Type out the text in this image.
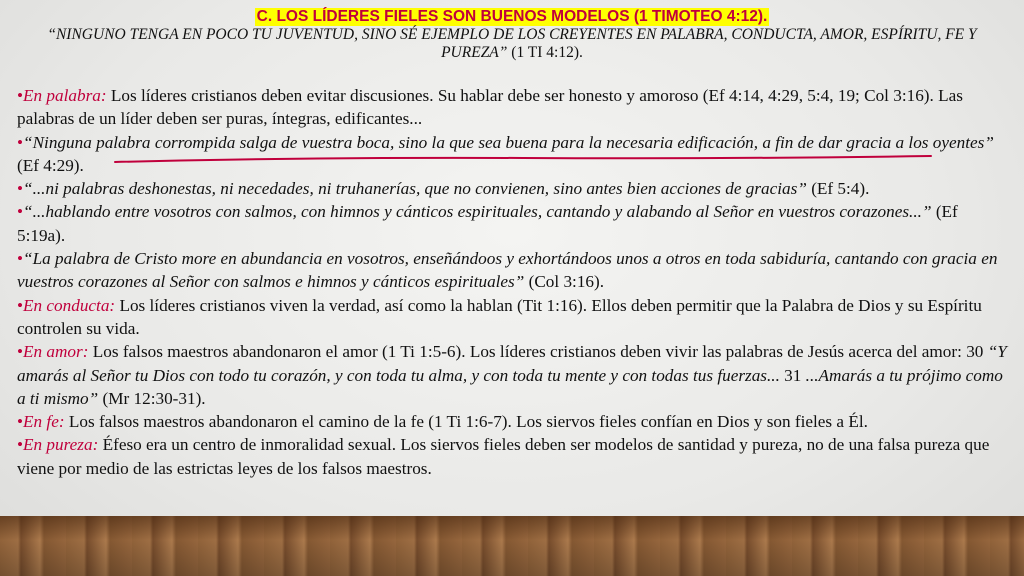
C. LOS LÍDERES FIELES SON BUENOS MODELOS (1 TIMOTEO 4:12).

“NINGUNO TENGA EN POCO TU JUVENTUD, SINO SÉ EJEMPLO DE LOS CREYENTES EN PALABRA, CONDUCTA, AMOR, ESPÍRITU, FE Y PUREZA” (1 TI 4:12).

•En palabra: Los líderes cristianos deben evitar discusiones. Su hablar debe ser honesto y amoroso (Ef 4:14, 4:29, 5:4, 19; Col 3:16). Las palabras de un líder deben ser puras, íntegras, edificantes...

•“Ninguna palabra corrompida salga de vuestra boca, sino la que sea buena para la necesaria edificación, a fin de dar gracia a los oyentes” (Ef 4:29).

•“...ni palabras deshonestas, ni necedades, ni truhanerías, que no convienen, sino antes bien acciones de gracias” (Ef 5:4).

•“...hablando entre vosotros con salmos, con himnos y cánticos espirituales, cantando y alabando al Señor en vuestros corazones...” (Ef 5:19a).

•“La palabra de Cristo more en abundancia en vosotros, enseñándoos y exhortándoos unos a otros en toda sabiduría, cantando con gracia en vuestros corazones al Señor con salmos e himnos y cánticos espirituales” (Col 3:16).

•En conducta: Los líderes cristianos viven la verdad, así como la hablan (Tit 1:16). Ellos deben permitir que la Palabra de Dios y su Espíritu controlen su vida.

•En amor: Los falsos maestros abandonaron el amor (1 Ti 1:5-6). Los líderes cristianos deben vivir las palabras de Jesús acerca del amor: 30 “Y amarás al Señor tu Dios con todo tu corazón, y con toda tu alma, y con toda tu mente y con todas tus fuerzas... 31 ...Amarás a tu prójimo como a ti mismo” (Mr 12:30-31).

•En fe: Los falsos maestros abandonaron el camino de la fe (1 Ti 1:6-7). Los siervos fieles confían en Dios y son fieles a Él.

•En pureza: Éfeso era un centro de inmoralidad sexual. Los siervos fieles deben ser modelos de santidad y pureza, no de una falsa pureza que viene por medio de las estrictas leyes de los falsos maestros.
